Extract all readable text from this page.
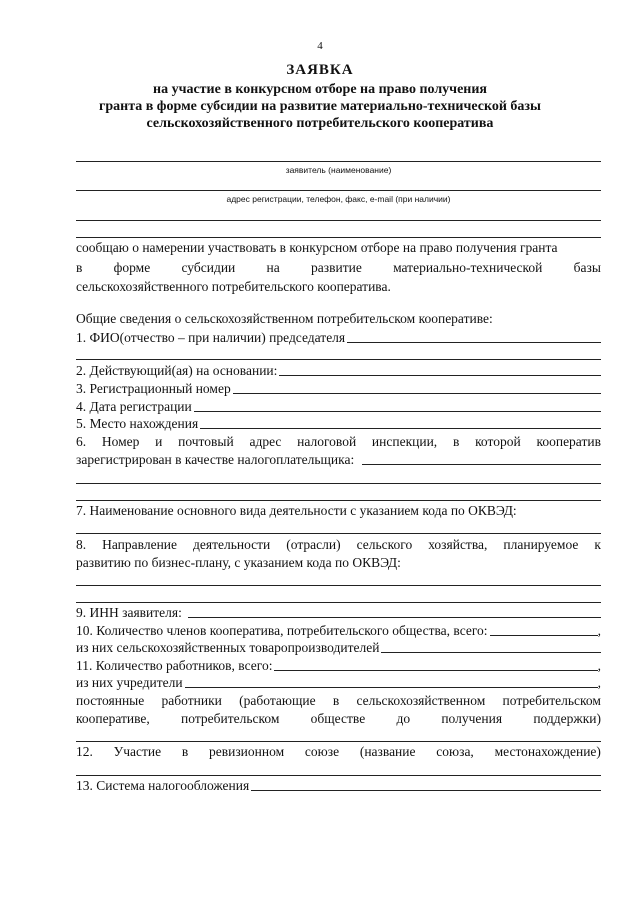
4
ЗАЯВКА
на участие в конкурсном отборе на право получения
гранта в форме субсидии на развитие материально-технической базы
сельскохозяйственного потребительского кооператива
заявитель (наименование)
адрес регистрации, телефон, факс, e-mail (при наличии)
сообщаю о намерении участвовать в конкурсном отборе на право получения гранта
в форме субсидии на развитие материально-технической базы
сельскохозяйственного потребительского кооператива.
Общие сведения о сельскохозяйственном потребительском кооперативе:
1. ФИО(отчество – при наличии) председателя
2. Действующий(ая) на основании:
3. Регистрационный номер
4. Дата регистрации
5. Место нахождения
6. Номер и почтовый адрес налоговой инспекции, в которой кооператив
зарегистрирован в качестве налогоплательщика:
7. Наименование основного вида деятельности с указанием кода по ОКВЭД:
8. Направление деятельности (отрасли) сельского хозяйства, планируемое к
развитию по бизнес-плану, с указанием кода по ОКВЭД:
9. ИНН заявителя:
10. Количество членов кооператива, потребительского общества, всего:	,
из них сельскохозяйственных товаропроизводителей
11. Количество работников, всего:	,
из них учредители	,
постоянные работники (работающие в сельскохозяйственном потребительском
кооперативе, потребительском обществе до получения поддержки)
12. Участие в ревизионном союзе (название союза, местонахождение)
13. Система налогообложения
